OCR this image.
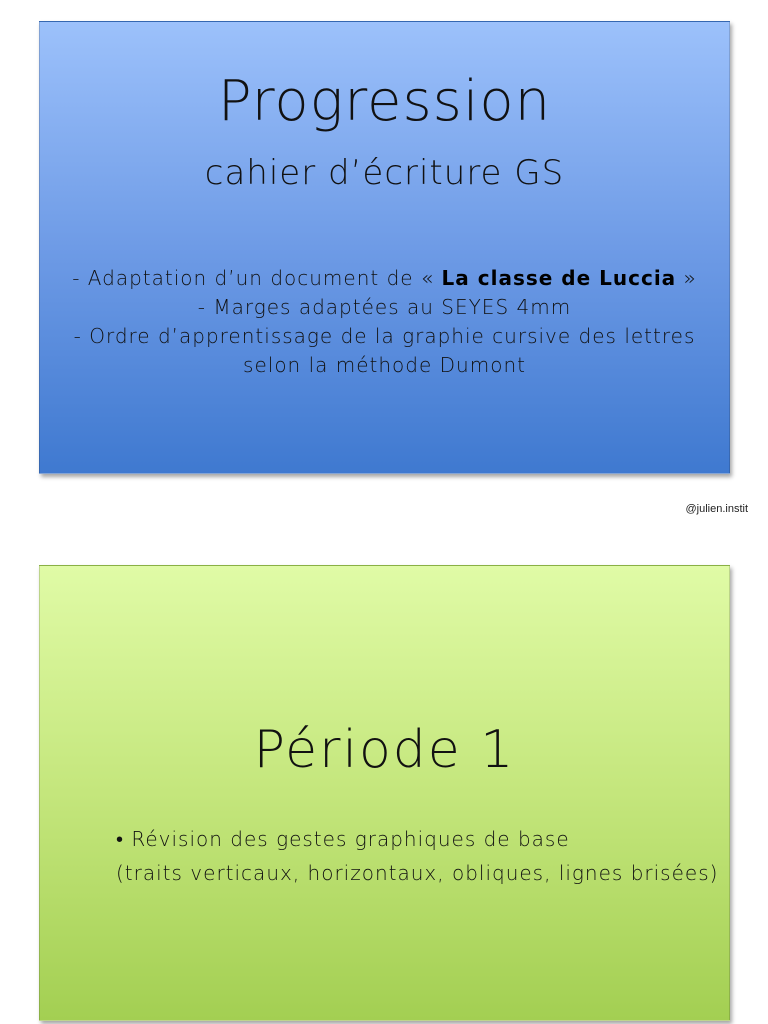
Progression
cahier d’écriture GS
- Adaptation d’un document de « La classe de Luccia »
- Marges adaptées au SEYES 4mm
- Ordre d’apprentissage de la graphie cursive des lettres
selon la méthode Dumont
@julien.instit
Période 1
• Révision des gestes graphiques de base
(traits verticaux, horizontaux, obliques, lignes brisées)
